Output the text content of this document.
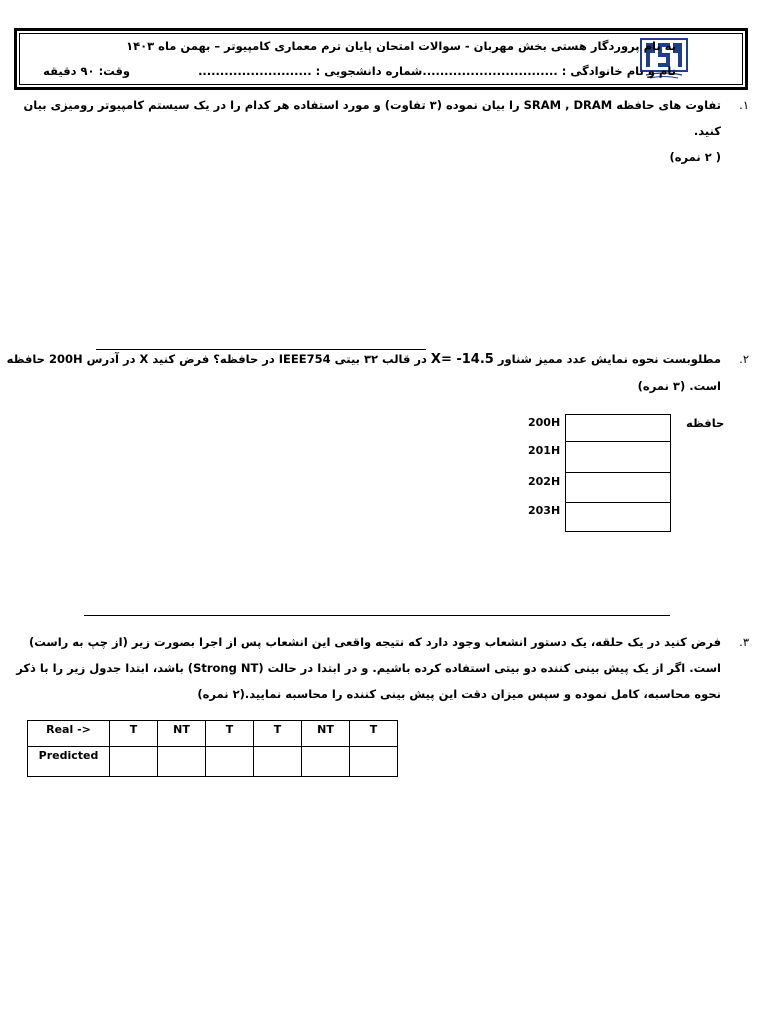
به نام پروردگار هستی بخش مهربان - سوالات امتحان پایان ترم معماری کامپیوتر – بهمن ماه ۱۴۰۳
نام و نام خانوادگی : ...............................شماره دانشجویی : ..........................  وقت: ۹۰ دقیقه
۱.
تفاوت های حافظه SRAM , DRAM را بیان نموده (۳ تفاوت) و مورد استفاده هر کدام را در یک سیستم کامپیوتر رومیزی بیان کنید.
( ۲ نمره)
۲.
مطلوبست نحوه نمایش عدد ممیز شناور X= -14.5 در قالب ۳۲ بیتی IEEE754 در حافظه؟ فرض کنید X در آدرس 200H حافظه
است. (۳ نمره)
حافظه
200H
201H
202H
203H
۳.
فرض کنید در یک حلقه، یک دستور انشعاب وجود دارد که نتیجه واقعی این انشعاب پس از اجرا بصورت زیر (از چپ به راست)
است. اگر از یک پیش بینی کننده دو بیتی استفاده کرده باشیم. و در ابتدا در حالت (Strong NT) باشد، ابتدا جدول زیر را با ذکر
نحوه محاسبه، کامل نموده و سپس میزان دقت این پیش بینی کننده را محاسبه نمایید.(۲ نمره)
Real ->	T	NT	T	T	NT	T
Predicted						
